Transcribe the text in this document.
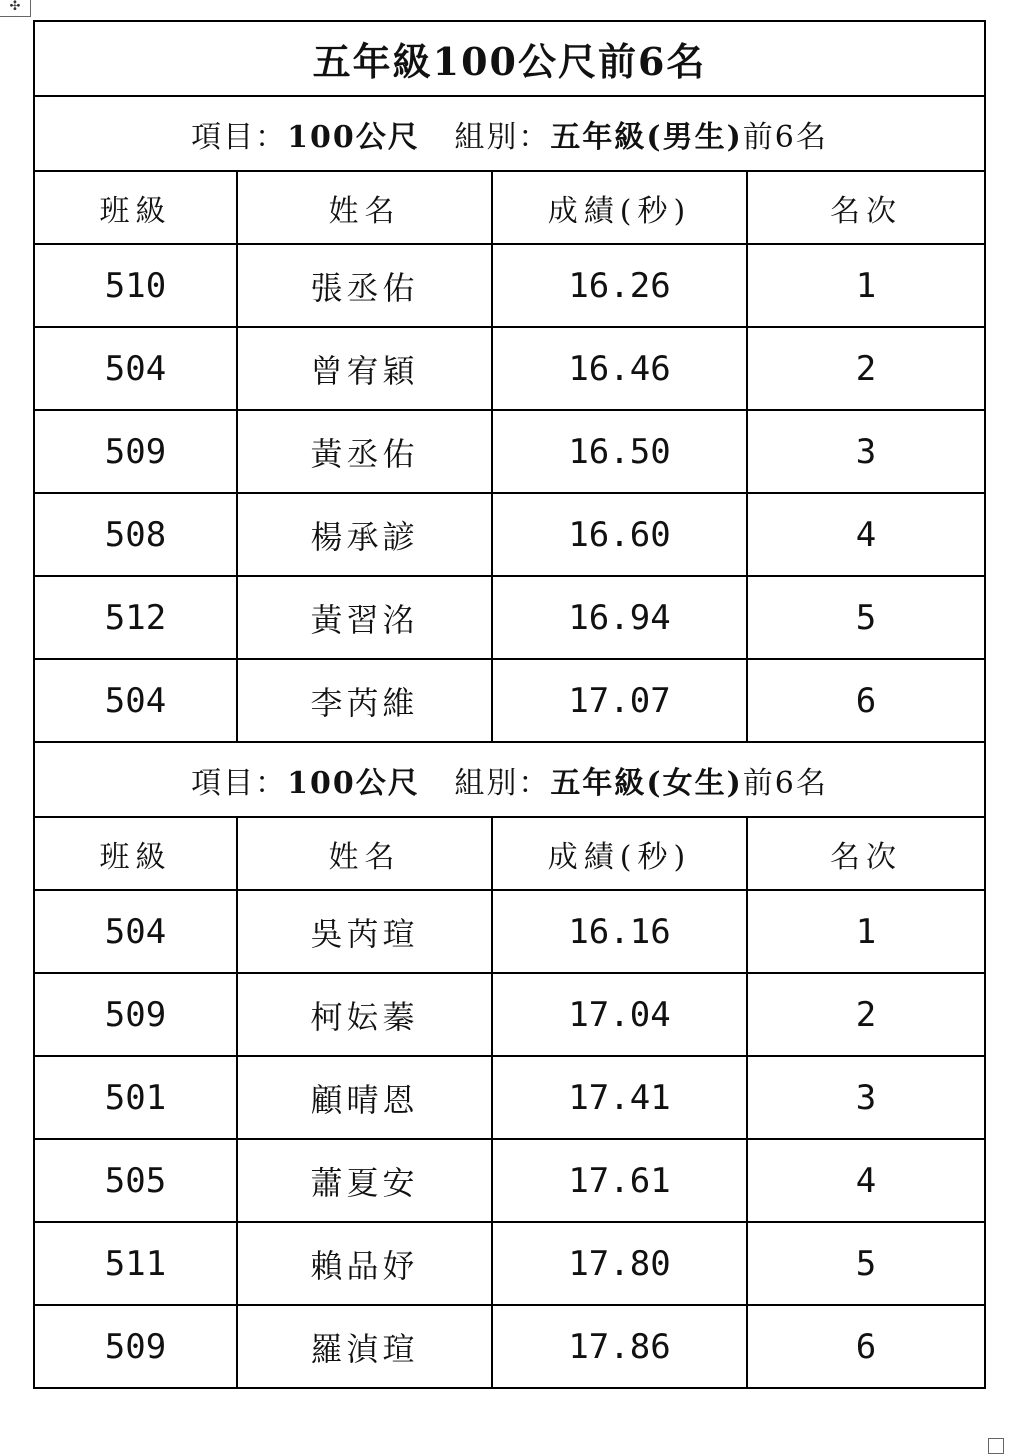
✣
五年級100公尺前6名			
項目：100公尺 組別：五年級(男生)前6名			
班級	姓名	成績(秒)	名次
510	張丞佑	16.26	1
504	曾宥穎	16.46	2
509	黃丞佑	16.50	3
508	楊承諺	16.60	4
512	黃習洺	16.94	5
504	李芮維	17.07	6
項目：100公尺 組別：五年級(女生)前6名			
班級	姓名	成績(秒)	名次
504	吳芮瑄	16.16	1
509	柯妘蓁	17.04	2
501	顧晴恩	17.41	3
505	蕭夏安	17.61	4
511	賴品妤	17.80	5
509	羅湞瑄	17.86	6
